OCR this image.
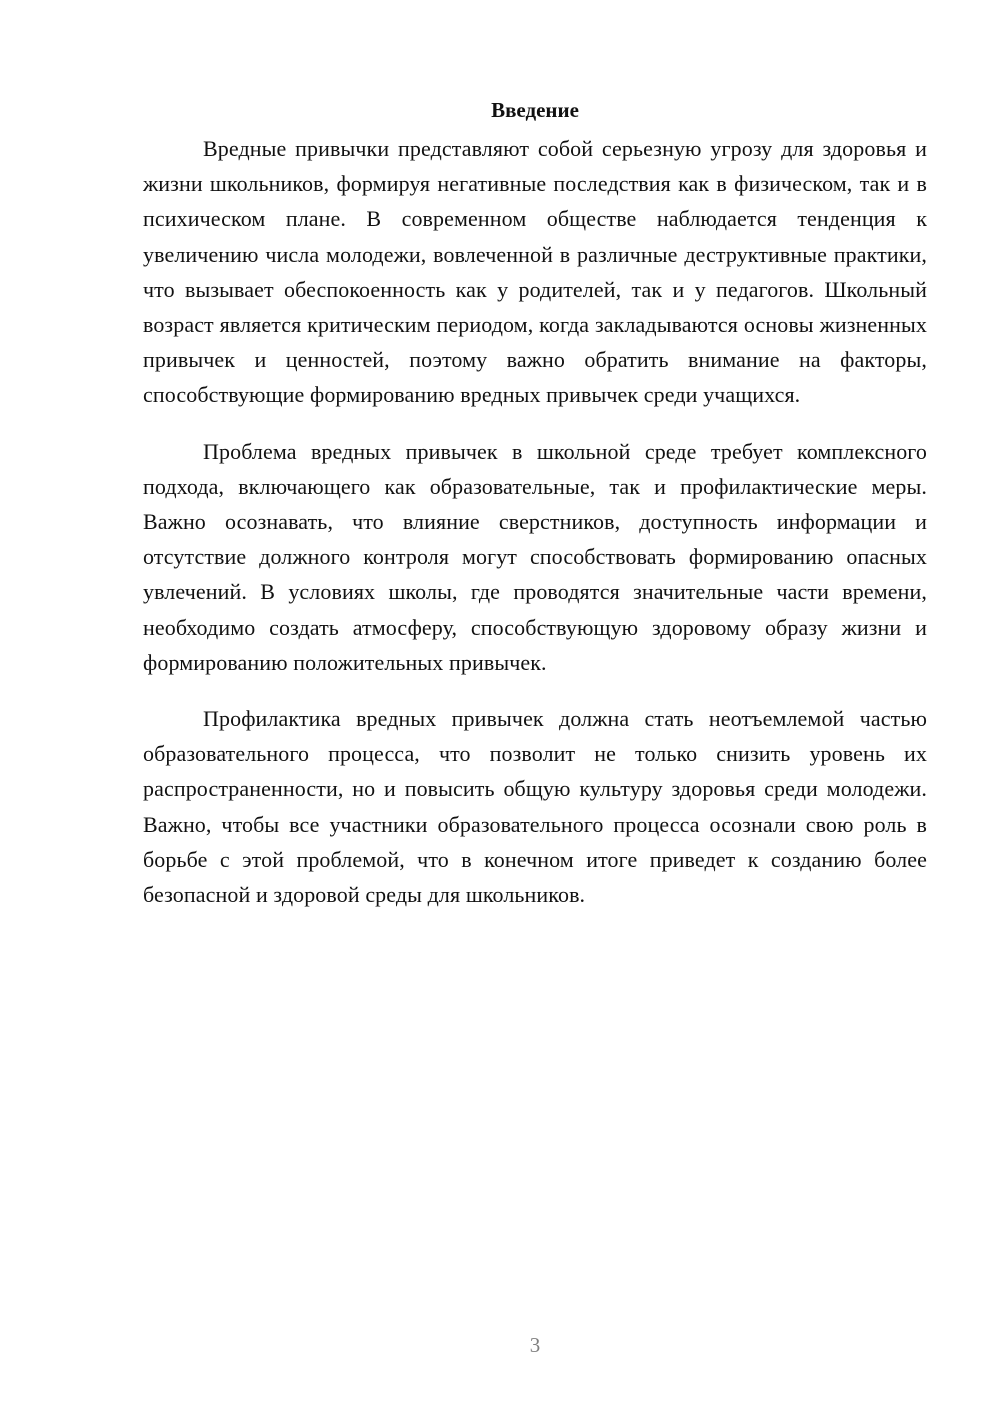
Введение

Вредные привычки представляют собой серьезную угрозу для здоровья и жизни школьников, формируя негативные последствия как в физическом, так и в психическом плане. В современном обществе наблюдается тенденция к увеличению числа молодежи, вовлеченной в различные деструктивные практики, что вызывает обеспокоенность как у родителей, так и у педагогов. Школьный возраст является критическим периодом, когда закладываются основы жизненных привычек и ценностей, поэтому важно обратить внимание на факторы, способствующие формированию вредных привычек среди учащихся.

Проблема вредных привычек в школьной среде требует комплексного подхода, включающего как образовательные, так и профилактические меры. Важно осознавать, что влияние сверстников, доступность информации и отсутствие должного контроля могут способствовать формированию опасных увлечений. В условиях школы, где проводятся значительные части времени, необходимо создать атмосферу, способствующую здоровому образу жизни и формированию положительных привычек.

Профилактика вредных привычек должна стать неотъемлемой частью образовательного процесса, что позволит не только снизить уровень их распространенности, но и повысить общую культуру здоровья среди молодежи. Важно, чтобы все участники образовательного процесса осознали свою роль в борьбе с этой проблемой, что в конечном итоге приведет к созданию более безопасной и здоровой среды для школьников.

3
